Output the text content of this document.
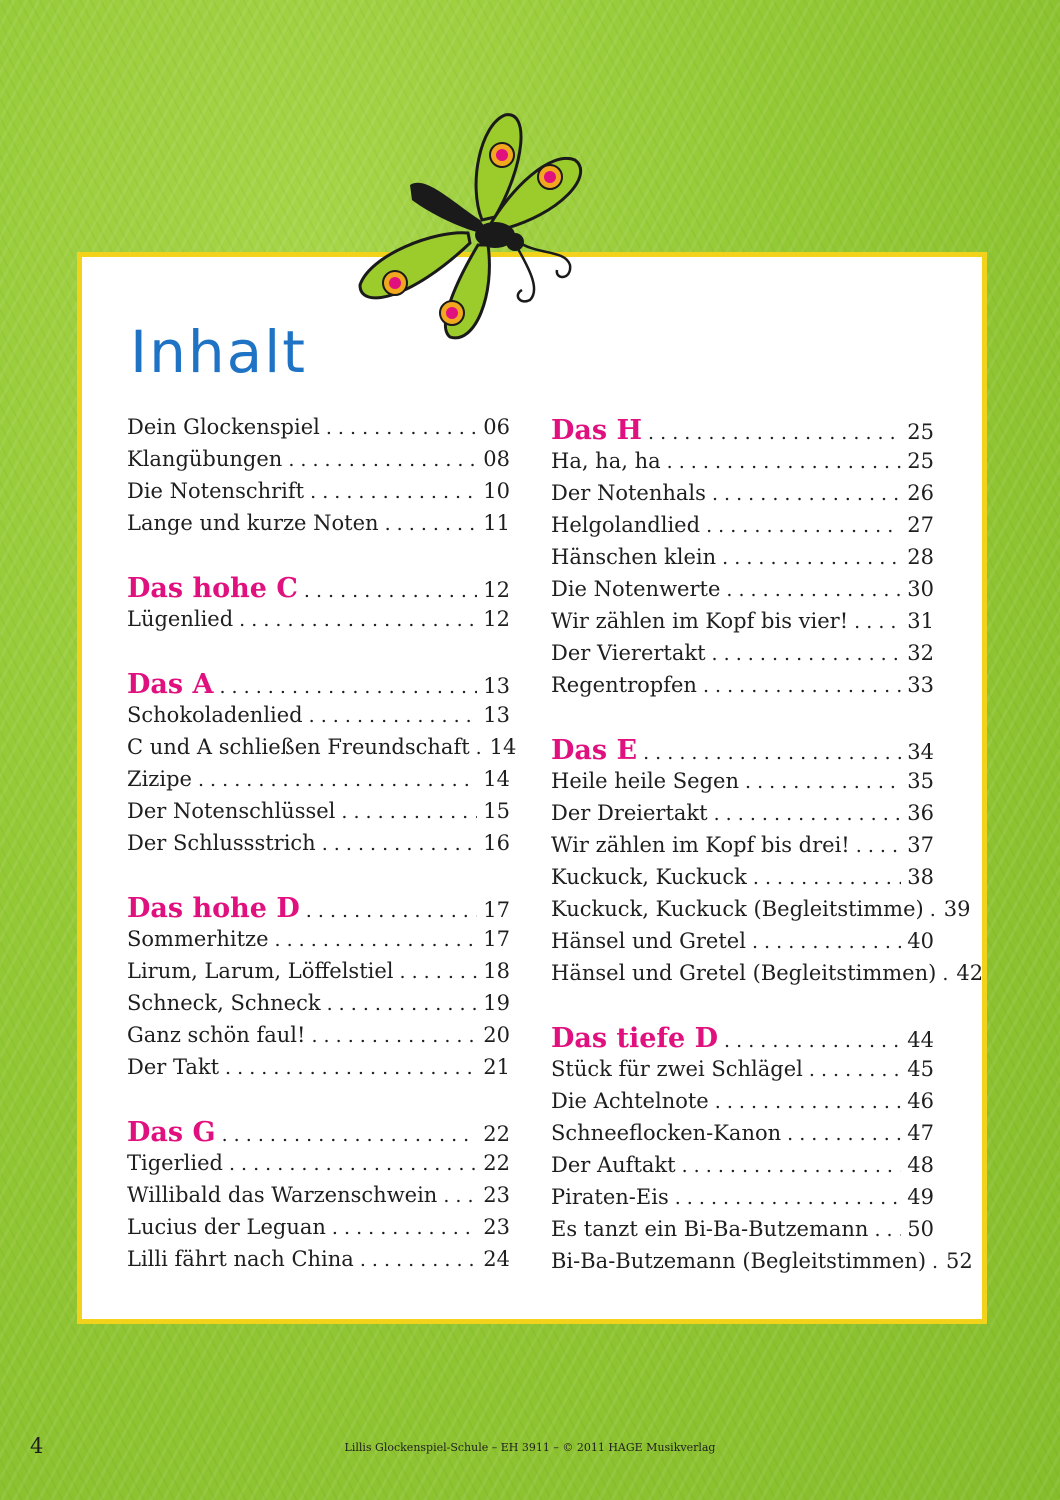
Inhalt
Dein Glockenspiel . . .	06
Klangübungen . . .	08
Die Notenschrift . . .	10
Lange und kurze Noten . . .	11
Das hohe C . . .	12
Lügenlied . . .	12
Das A . . .	13
Schokoladenlied . . .	13
C und A schließen Freundschaft . . . 14
Zizipe . . .	14
Der Notenschlüssel . . .	15
Der Schlussstrich . . .	16
Das hohe D . . .	17
Sommerhitze . . .	17
Lirum, Larum, Löffelstiel . . .	18
Schneck, Schneck . . .	19
Ganz schön faul! . . .	20
Der Takt . . .	21
Das G . . .	22
Tigerlied . . .	22
Willibald das Warzenschwein . . . 23
Lucius der Leguan . . .	23
Lilli fährt nach China . . .	24
Das H . . .	25
Ha, ha, ha . . .	25
Der Notenhals . . .	26
Helgolandlied . . .	27
Hänschen klein . . .	28
Die Notenwerte . . .	30
Wir zählen im Kopf bis vier! . . .	31
Der Vierertakt . . .	32
Regentropfen . . .	33
Das E . . .	34
Heile heile Segen . . .	35
Der Dreiertakt . . .	36
Wir zählen im Kopf bis drei! . . .	37
Kuckuck, Kuckuck . . .	38
Kuckuck, Kuckuck (Begleitstimme) . . . 39
Hänsel und Gretel . . .	40
Hänsel und Gretel (Begleitstimmen) . . . 42
Das tiefe D . . .	44
Stück für zwei Schlägel . . .	45
Die Achtelnote . . .	46
Schneeflocken-Kanon . . .	47
Der Auftakt . . .	48
Piraten-Eis . . .	49
Es tanzt ein Bi-Ba-Butzemann . . . 50
Bi-Ba-Butzemann (Begleitstimmen) . . . 52
4	Lillis Glockenspiel-Schule – EH 3911 – © 2011 HAGE Musikverlag
